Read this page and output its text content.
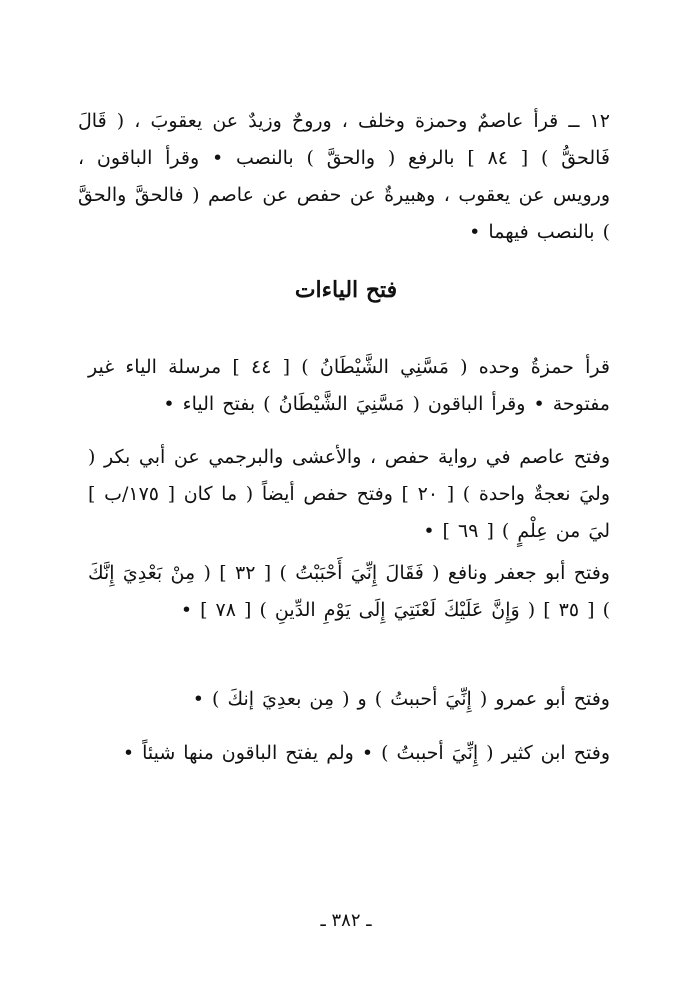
١٢ ــ قرأ عاصمٌ وحمزة وخلف ، وروحٌ وزيدٌ عن يعقوبَ ، ( قَالَ فَالحقُّ ) [ ٨٤ ] بالرفع ( والحقَّ ) بالنصب • وقرأ الباقون ، ورويس عن يعقوب ، وهبيرةٌ عن حفص عن عاصم ( فالحقَّ والحقَّ ) بالنصب فيهما •

فتح الياءات

قرأ حمزةُ وحده ( مَسَّنِي الشَّيْطَانُ ) [ ٤٤ ] مرسلة الياء غير مفتوحة • وقرأ الباقون ( مَسَّنِيَ الشَّيْطَانُ ) بفتح الياء •

وفتح عاصم في رواية حفص ، والأعشى والبرجمي عن أبي بكر ( وليَ نعجةٌ واحدة ) [ ٢٠ ] وفتح حفص أيضاً ( ما كان [ ١٧٥/ب ] ليَ من عِلْمٍ ) [ ٦٩ ] •

وفتح أبو جعفر ونافع ( فَقَالَ إِنِّيَ أَحْبَبْتُ ) [ ٣٢ ] ( مِنْ بَعْدِيَ إِنَّكَ ) [ ٣٥ ] ( وَإِنَّ عَلَيْكَ لَعْنَتِيَ إِلَى يَوْمِ الدِّينِ ) [ ٧٨ ] •

وفتح أبو عمرو ( إِنِّيَ أحببتُ ) و ( مِن بعدِيَ إنكَ ) •

وفتح ابن كثير ( إِنِّيَ أحببتُ ) • ولم يفتح الباقون منها شيئاً •

ـ ٣٨٢ ـ
